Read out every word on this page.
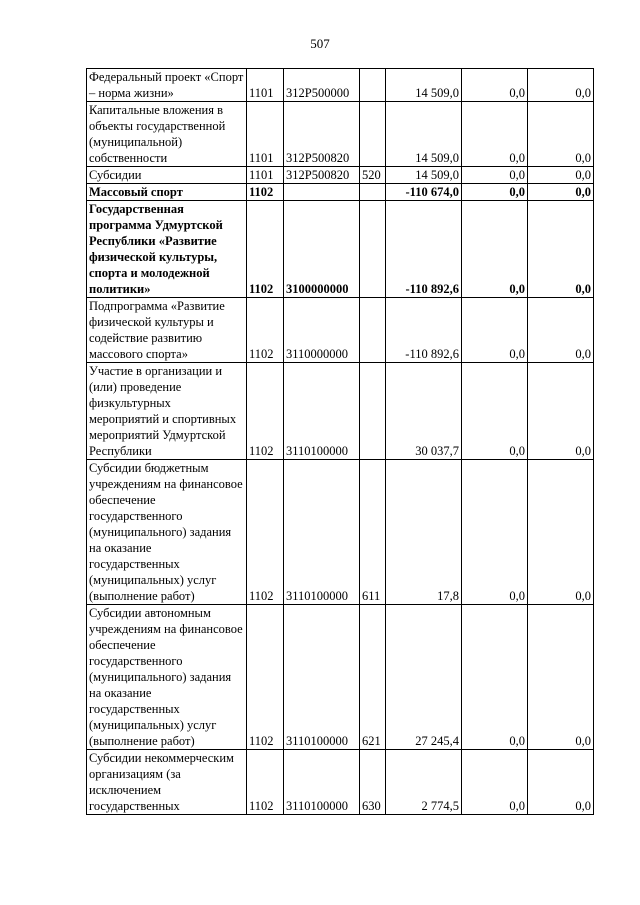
507
Федеральный проект «Спорт – норма жизни»	1101	312P500000		14 509,0	0,0	0,0
Капитальные вложения в объекты государственной (муниципальной) собственности	1101	312P500820		14 509,0	0,0	0,0
Субсидии	1101	312P500820	520	14 509,0	0,0	0,0
Массовый спорт	1102			-110 674,0	0,0	0,0
Государственная программа Удмуртской Республики «Развитие физической культуры, спорта и молодежной политики»	1102	3100000000		-110 892,6	0,0	0,0
Подпрограмма «Развитие физической культуры и содействие развитию массового спорта»	1102	3110000000		-110 892,6	0,0	0,0
Участие в организации и (или) проведение физкультурных мероприятий и спортивных мероприятий Удмуртской Республики	1102	3110100000		30 037,7	0,0	0,0
Субсидии бюджетным учреждениям на финансовое обеспечение государственного (муниципального) задания на оказание государственных (муниципальных) услуг (выполнение работ)	1102	3110100000	611	17,8	0,0	0,0
Субсидии автономным учреждениям на финансовое обеспечение государственного (муниципального) задания на оказание государственных (муниципальных) услуг (выполнение работ)	1102	3110100000	621	27 245,4	0,0	0,0
Субсидии некоммерческим организациям (за исключением государственных	1102	3110100000	630	2 774,5	0,0	0,0
